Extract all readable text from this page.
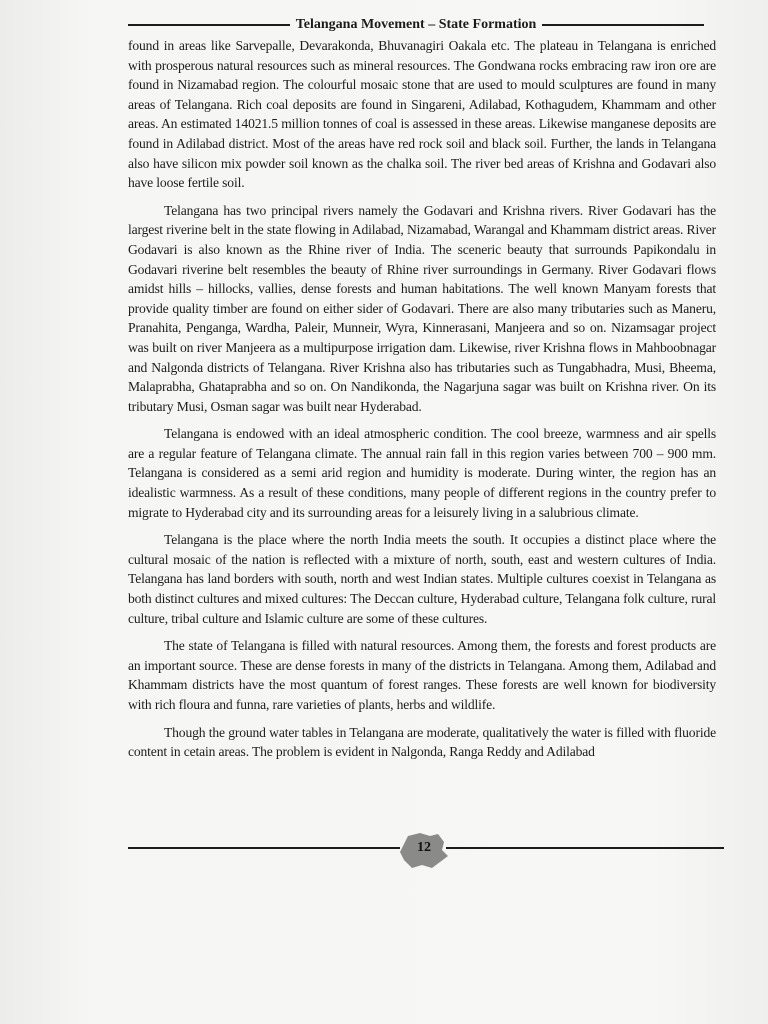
Telangana Movement – State Formation

found in areas like Sarvepalle, Devarakonda, Bhuvanagiri Oakala etc. The plateau in Telangana is enriched with prosperous natural resources such as mineral resources. The Gondwana rocks embracing raw iron ore are found in Nizamabad region. The colourful mosaic stone that are used to mould sculptures are found in many areas of Telangana. Rich coal deposits are found in Singareni, Adilabad, Kothagudem, Khammam and other areas. An estimated 14021.5 million tonnes of coal is assessed in these areas. Likewise manganese deposits are found in Adilabad district. Most of the areas have red rock soil and black soil. Further, the lands in Telangana also have silicon mix powder soil known as the chalka soil. The river bed areas of Krishna and Godavari also have loose fertile soil.

Telangana has two principal rivers namely the Godavari and Krishna rivers. River Godavari has the largest riverine belt in the state flowing in Adilabad, Nizamabad, Warangal and Khammam district areas. River Godavari is also known as the Rhine river of India. The sceneric beauty that surrounds Papikondalu in Godavari riverine belt resembles the beauty of Rhine river surroundings in Germany. River Godavari flows amidst hills – hillocks, vallies, dense forests and human habitations. The well known Manyam forests that provide quality timber are found on either sider of Godavari. There are also many tributaries such as Maneru, Pranahita, Penganga, Wardha, Paleir, Munneir, Wyra, Kinnerasani, Manjeera and so on. Nizamsagar project was built on river Manjeera as a multipurpose irrigation dam. Likewise, river Krishna flows in Mahboobnagar and Nalgonda districts of Telangana. River Krishna also has tributaries such as Tungabhadra, Musi, Bheema, Malaprabha, Ghataprabha and so on. On Nandikonda, the Nagarjuna sagar was built on Krishna river. On its tributary Musi, Osman sagar was built near Hyderabad.

Telangana is endowed with an ideal atmospheric condition. The cool breeze, warmness and air spells are a regular feature of Telangana climate. The annual rain fall in this region varies between 700 – 900 mm. Telangana is considered as a semi arid region and humidity is moderate. During winter, the region has an idealistic warmness. As a result of these conditions, many people of different regions in the country prefer to migrate to Hyderabad city and its surrounding areas for a leisurely living in a salubrious climate.

Telangana is the place where the north India meets the south. It occupies a distinct place where the cultural mosaic of the nation is reflected with a mixture of north, south, east and western cultures of India. Telangana has land borders with south, north and west Indian states. Multiple cultures coexist in Telangana as both distinct cultures and mixed cultures: The Deccan culture, Hyderabad culture, Telangana folk culture, rural culture, tribal culture and Islamic culture are some of these cultures.

The state of Telangana is filled with natural resources. Among them, the forests and forest products are an important source. These are dense forests in many of the districts in Telangana. Among them, Adilabad and Khammam districts have the most quantum of forest ranges. These forests are well known for biodiversity with rich floura and funna, rare varieties of plants, herbs and wildlife.

Though the ground water tables in Telangana are moderate, qualitatively the water is filled with fluoride content in cetain areas. The problem is evident in Nalgonda, Ranga Reddy and Adilabad

12
